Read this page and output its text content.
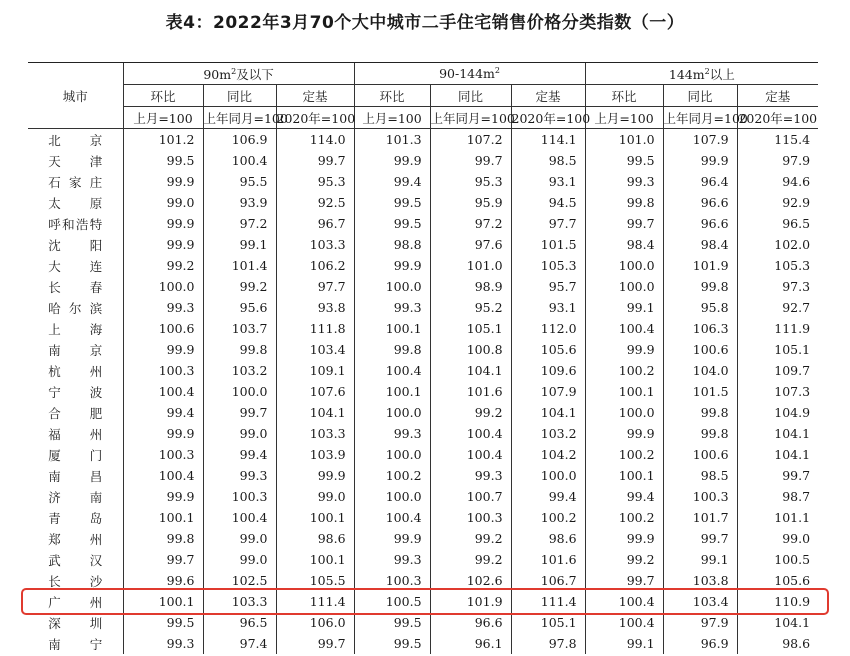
表4：2022年3月70个大中城市二手住宅销售价格分类指数（一）
城市	$90m^2$及以下			$90-144m^2$			$144m^2$以上		
	环比	同比	定基	环比	同比	定基	环比	同比	定基
	上月=100	上年同月=100	2020年=100	上月=100	上年同月=100	2020年=100	上月=100	上年同月=100	2020年=100
北京	101.2	106.9	114.0	101.3	107.2	114.1	101.0	107.9	115.4
天津	99.5	100.4	99.7	99.9	99.7	98.5	99.5	99.9	97.9
石家庄	99.9	95.5	95.3	99.4	95.3	93.1	99.3	96.4	94.6
太原	99.0	93.9	92.5	99.5	95.9	94.5	99.8	96.6	92.9
呼和浩特	99.9	97.2	96.7	99.5	97.2	97.7	99.7	96.6	96.5
沈阳	99.9	99.1	103.3	98.8	97.6	101.5	98.4	98.4	102.0
大连	99.2	101.4	106.2	99.9	101.0	105.3	100.0	101.9	105.3
长春	100.0	99.2	97.7	100.0	98.9	95.7	100.0	99.8	97.3
哈尔滨	99.3	95.6	93.8	99.3	95.2	93.1	99.1	95.8	92.7
上海	100.6	103.7	111.8	100.1	105.1	112.0	100.4	106.3	111.9
南京	99.9	99.8	103.4	99.8	100.8	105.6	99.9	100.6	105.1
杭州	100.3	103.2	109.1	100.4	104.1	109.6	100.2	104.0	109.7
宁波	100.4	100.0	107.6	100.1	101.6	107.9	100.1	101.5	107.3
合肥	99.4	99.7	104.1	100.0	99.2	104.1	100.0	99.8	104.9
福州	99.9	99.0	103.3	99.3	100.4	103.2	99.9	99.8	104.1
厦门	100.3	99.4	103.9	100.0	100.4	104.2	100.2	100.6	104.1
南昌	100.4	99.3	99.9	100.2	99.3	100.0	100.1	98.5	99.7
济南	99.9	100.3	99.0	100.0	100.7	99.4	99.4	100.3	98.7
青岛	100.1	100.4	100.1	100.4	100.3	100.2	100.2	101.7	101.1
郑州	99.8	99.0	98.6	99.9	99.2	98.6	99.9	99.7	99.0
武汉	99.7	99.0	100.1	99.3	99.2	101.6	99.2	99.1	100.5
长沙	99.6	102.5	105.5	100.3	102.6	106.7	99.7	103.8	105.6
广州	100.1	103.3	111.4	100.5	101.9	111.4	100.4	103.4	110.9
深圳	99.5	96.5	106.0	99.5	96.6	105.1	100.4	97.9	104.1
南宁	99.3	97.4	99.7	99.5	96.1	97.8	99.1	96.9	98.6
